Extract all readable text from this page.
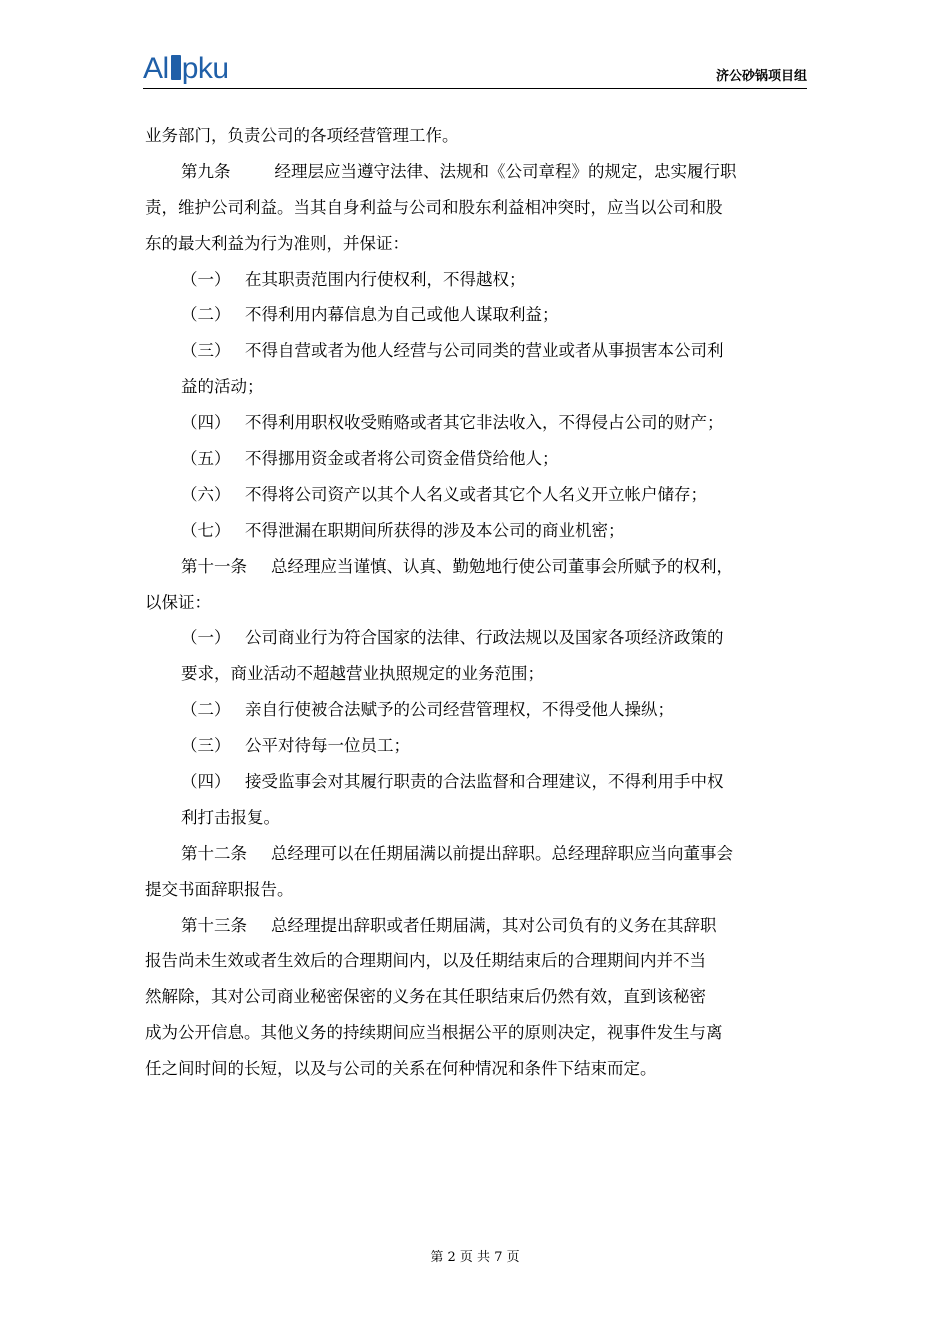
Al pku	济公砂锅项目组
业务部门，负责公司的各项经营管理工作。
第九条	经理层应当遵守法律、法规和《公司章程》的规定，忠实履行职
责，维护公司利益。当其自身利益与公司和股东利益相冲突时，应当以公司和股
东的最大利益为行为准则，并保证：
（一） 在其职责范围内行使权利，不得越权；
（二） 不得利用内幕信息为自己或他人谋取利益；
（三） 不得自营或者为他人经营与公司同类的营业或者从事损害本公司利
益的活动；
（四） 不得利用职权收受贿赂或者其它非法收入，不得侵占公司的财产；
（五） 不得挪用资金或者将公司资金借贷给他人；
（六） 不得将公司资产以其个人名义或者其它个人名义开立帐户储存；
（七） 不得泄漏在职期间所获得的涉及本公司的商业机密；
第十一条 总经理应当谨慎、认真、勤勉地行使公司董事会所赋予的权利，
以保证：
（一） 公司商业行为符合国家的法律、行政法规以及国家各项经济政策的
要求，商业活动不超越营业执照规定的业务范围；
（二） 亲自行使被合法赋予的公司经营管理权，不得受他人操纵；
（三） 公平对待每一位员工；
（四） 接受监事会对其履行职责的合法监督和合理建议，不得利用手中权
利打击报复。
第十二条 总经理可以在任期届满以前提出辞职。总经理辞职应当向董事会
提交书面辞职报告。
第十三条 总经理提出辞职或者任期届满，其对公司负有的义务在其辞职
报告尚未生效或者生效后的合理期间内，以及任期结束后的合理期间内并不当
然解除，其对公司商业秘密保密的义务在其任职结束后仍然有效，直到该秘密
成为公开信息。其他义务的持续期间应当根据公平的原则决定，视事件发生与离
任之间时间的长短，以及与公司的关系在何种情况和条件下结束而定。
第 2 页 共 7 页
